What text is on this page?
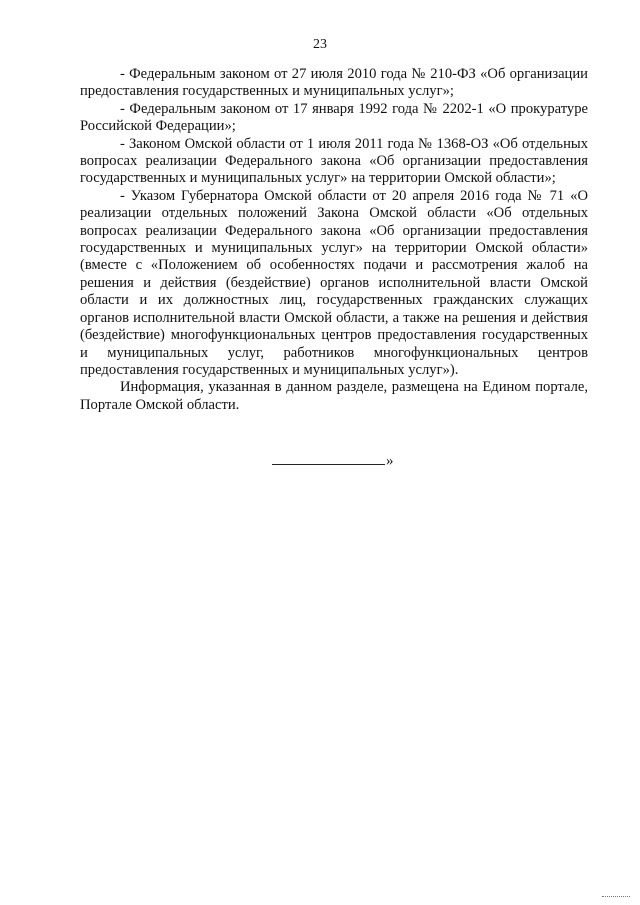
23

- Федеральным законом от 27 июля 2010 года № 210-ФЗ «Об организации предоставления государственных и муниципальных услуг»;

- Федеральным законом от 17 января 1992 года № 2202-1 «О прокуратуре Российской Федерации»;

- Законом Омской области от 1 июля 2011 года № 1368-ОЗ «Об отдельных вопросах реализации Федерального закона «Об организации предоставления государственных и муниципальных услуг» на территории Омской области»;

- Указом Губернатора Омской области от 20 апреля 2016 года № 71 «О реализации отдельных положений Закона Омской области «Об отдельных вопросах реализации Федерального закона «Об организации предоставления государственных и муниципальных услуг» на территории Омской области» (вместе с «Положением об особенностях подачи и рассмотрения жалоб на решения и действия (бездействие) органов исполнительной власти Омской области и их должностных лиц, государственных гражданских служащих органов исполнительной власти Омской области, а также на решения и действия (бездействие) многофункциональных центров предоставления государственных и муниципальных услуг, работников многофункциональных центров предоставления государственных и муниципальных услуг»).

Информация, указанная в данном разделе, размещена на Едином портале, Портале Омской области.

»
